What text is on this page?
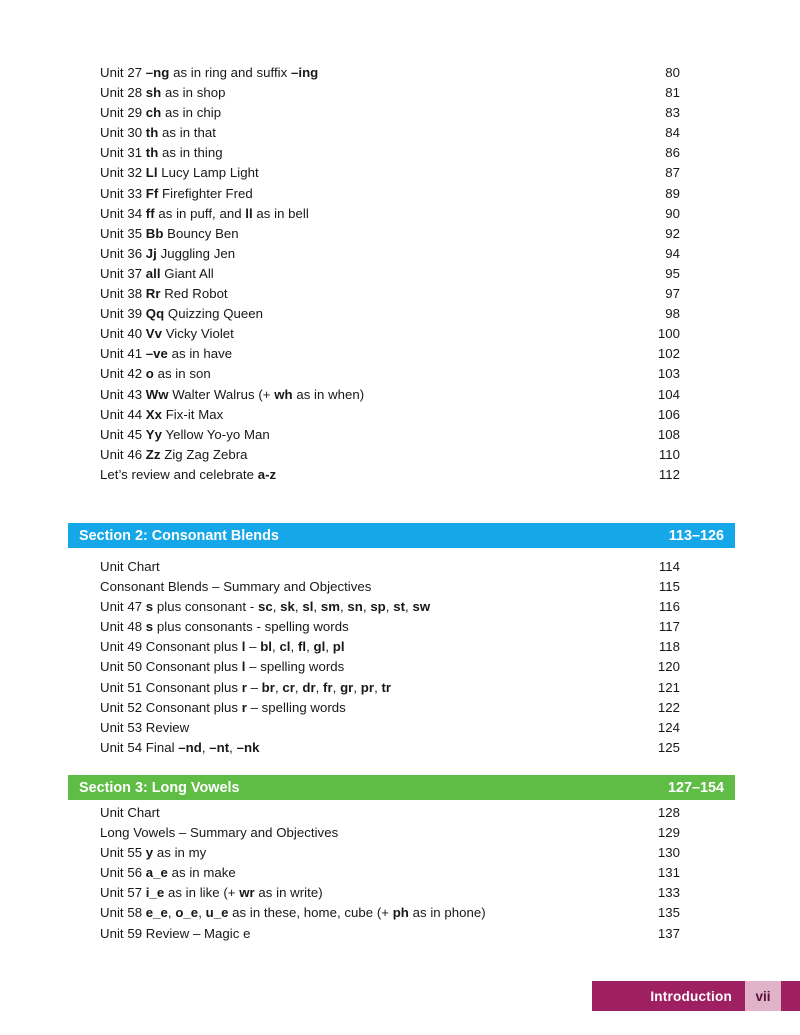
Unit 27 –ng as in ring and suffix –ing .....	80
Unit 28 sh as in shop .....	81
Unit 29 ch as in chip .....	83
Unit 30 th as in that .....	84
Unit 31 th as in thing .....	86
Unit 32 Ll Lucy Lamp Light .....	87
Unit 33 Ff Firefighter Fred .....	89
Unit 34 ff as in puff, and ll as in bell .....	90
Unit 35 Bb Bouncy Ben .....	92
Unit 36 Jj Juggling Jen .....	94
Unit 37 all Giant All .....	95
Unit 38 Rr Red Robot .....	97
Unit 39 Qq Quizzing Queen .....	98
Unit 40 Vv Vicky Violet .....	100
Unit 41 –ve as in have .....	102
Unit 42 o as in son .....	103
Unit 43 Ww Walter Walrus (+ wh as in when) .....	104
Unit 44 Xx Fix-it Max .....	106
Unit 45 Yy Yellow Yo-yo Man .....	108
Unit 46 Zz Zig Zag Zebra .....	110
Let’s review and celebrate a-z .....	112
Section 2: Consonant Blends .....	113–126
Unit Chart .....	114
Consonant Blends – Summary and Objectives .....	115
Unit 47 s plus consonant - sc, sk, sl, sm, sn, sp, st, sw .....	116
Unit 48 s plus consonants - spelling words .....	117
Unit 49 Consonant plus l – bl, cl, fl, gl, pl .....	118
Unit 50 Consonant plus l – spelling words .....	120
Unit 51 Consonant plus r – br, cr, dr, fr, gr, pr, tr .....	121
Unit 52 Consonant plus r – spelling words .....	122
Unit 53 Review .....	124
Unit 54 Final –nd, –nt, –nk .....	125
Section 3: Long Vowels .....	127–154
Unit Chart .....	128
Long Vowels – Summary and Objectives .....	129
Unit 55 y as in my .....	130
Unit 56 a_e as in make .....	131
Unit 57 i_e as in like (+ wr as in write) .....	133
Unit 58 e_e, o_e, u_e as in these, home, cube (+ ph as in phone) .....	135
Unit 59 Review – Magic e .....	137
Introduction	vii
